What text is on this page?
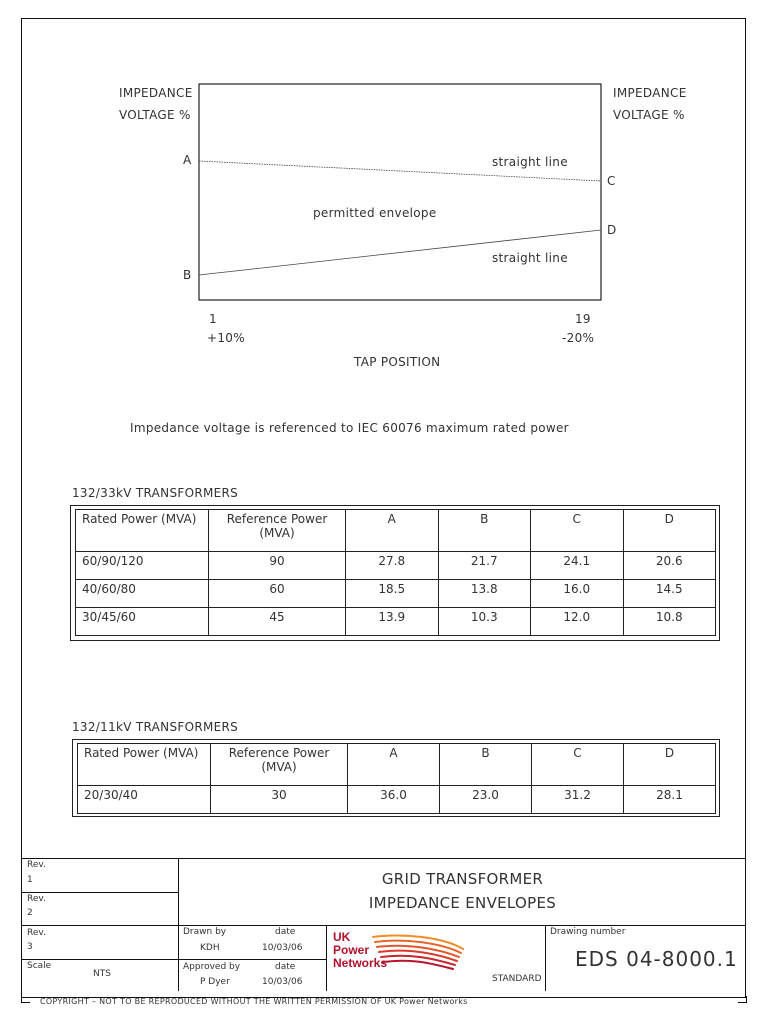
IMPEDANCE
VOLTAGE %
IMPEDANCE
VOLTAGE %
A
B
C
D
straight line
straight line
permitted envelope
1
+10%
19
-20%
TAP POSITION
Impedance voltage is referenced to IEC 60076 maximum rated power
132/33kV TRANSFORMERS
Rated Power (MVA)	Reference Power (MVA)	A	B	C	D
60/90/120	90	27.8	21.7	24.1	20.6
40/60/80	60	18.5	13.8	16.0	14.5
30/45/60	45	13.9	10.3	12.0	10.8
132/11kV TRANSFORMERS
Rated Power (MVA)	Reference Power (MVA)	A	B	C	D
20/30/40	30	36.0	23.0	31.2	28.1
Rev.
1
Rev.
2
Rev.
3
Scale
NTS
GRID TRANSFORMER
IMPEDANCE ENVELOPES
Drawn by	date
KDH	10/03/06
Approved by	date
P Dyer	10/03/06
UK
Power
Networks
STANDARD
Drawing number
EDS 04-8000.1
COPYRIGHT – NOT TO BE REPRODUCED WITHOUT THE WRITTEN PERMISSION OF UK Power Networks
